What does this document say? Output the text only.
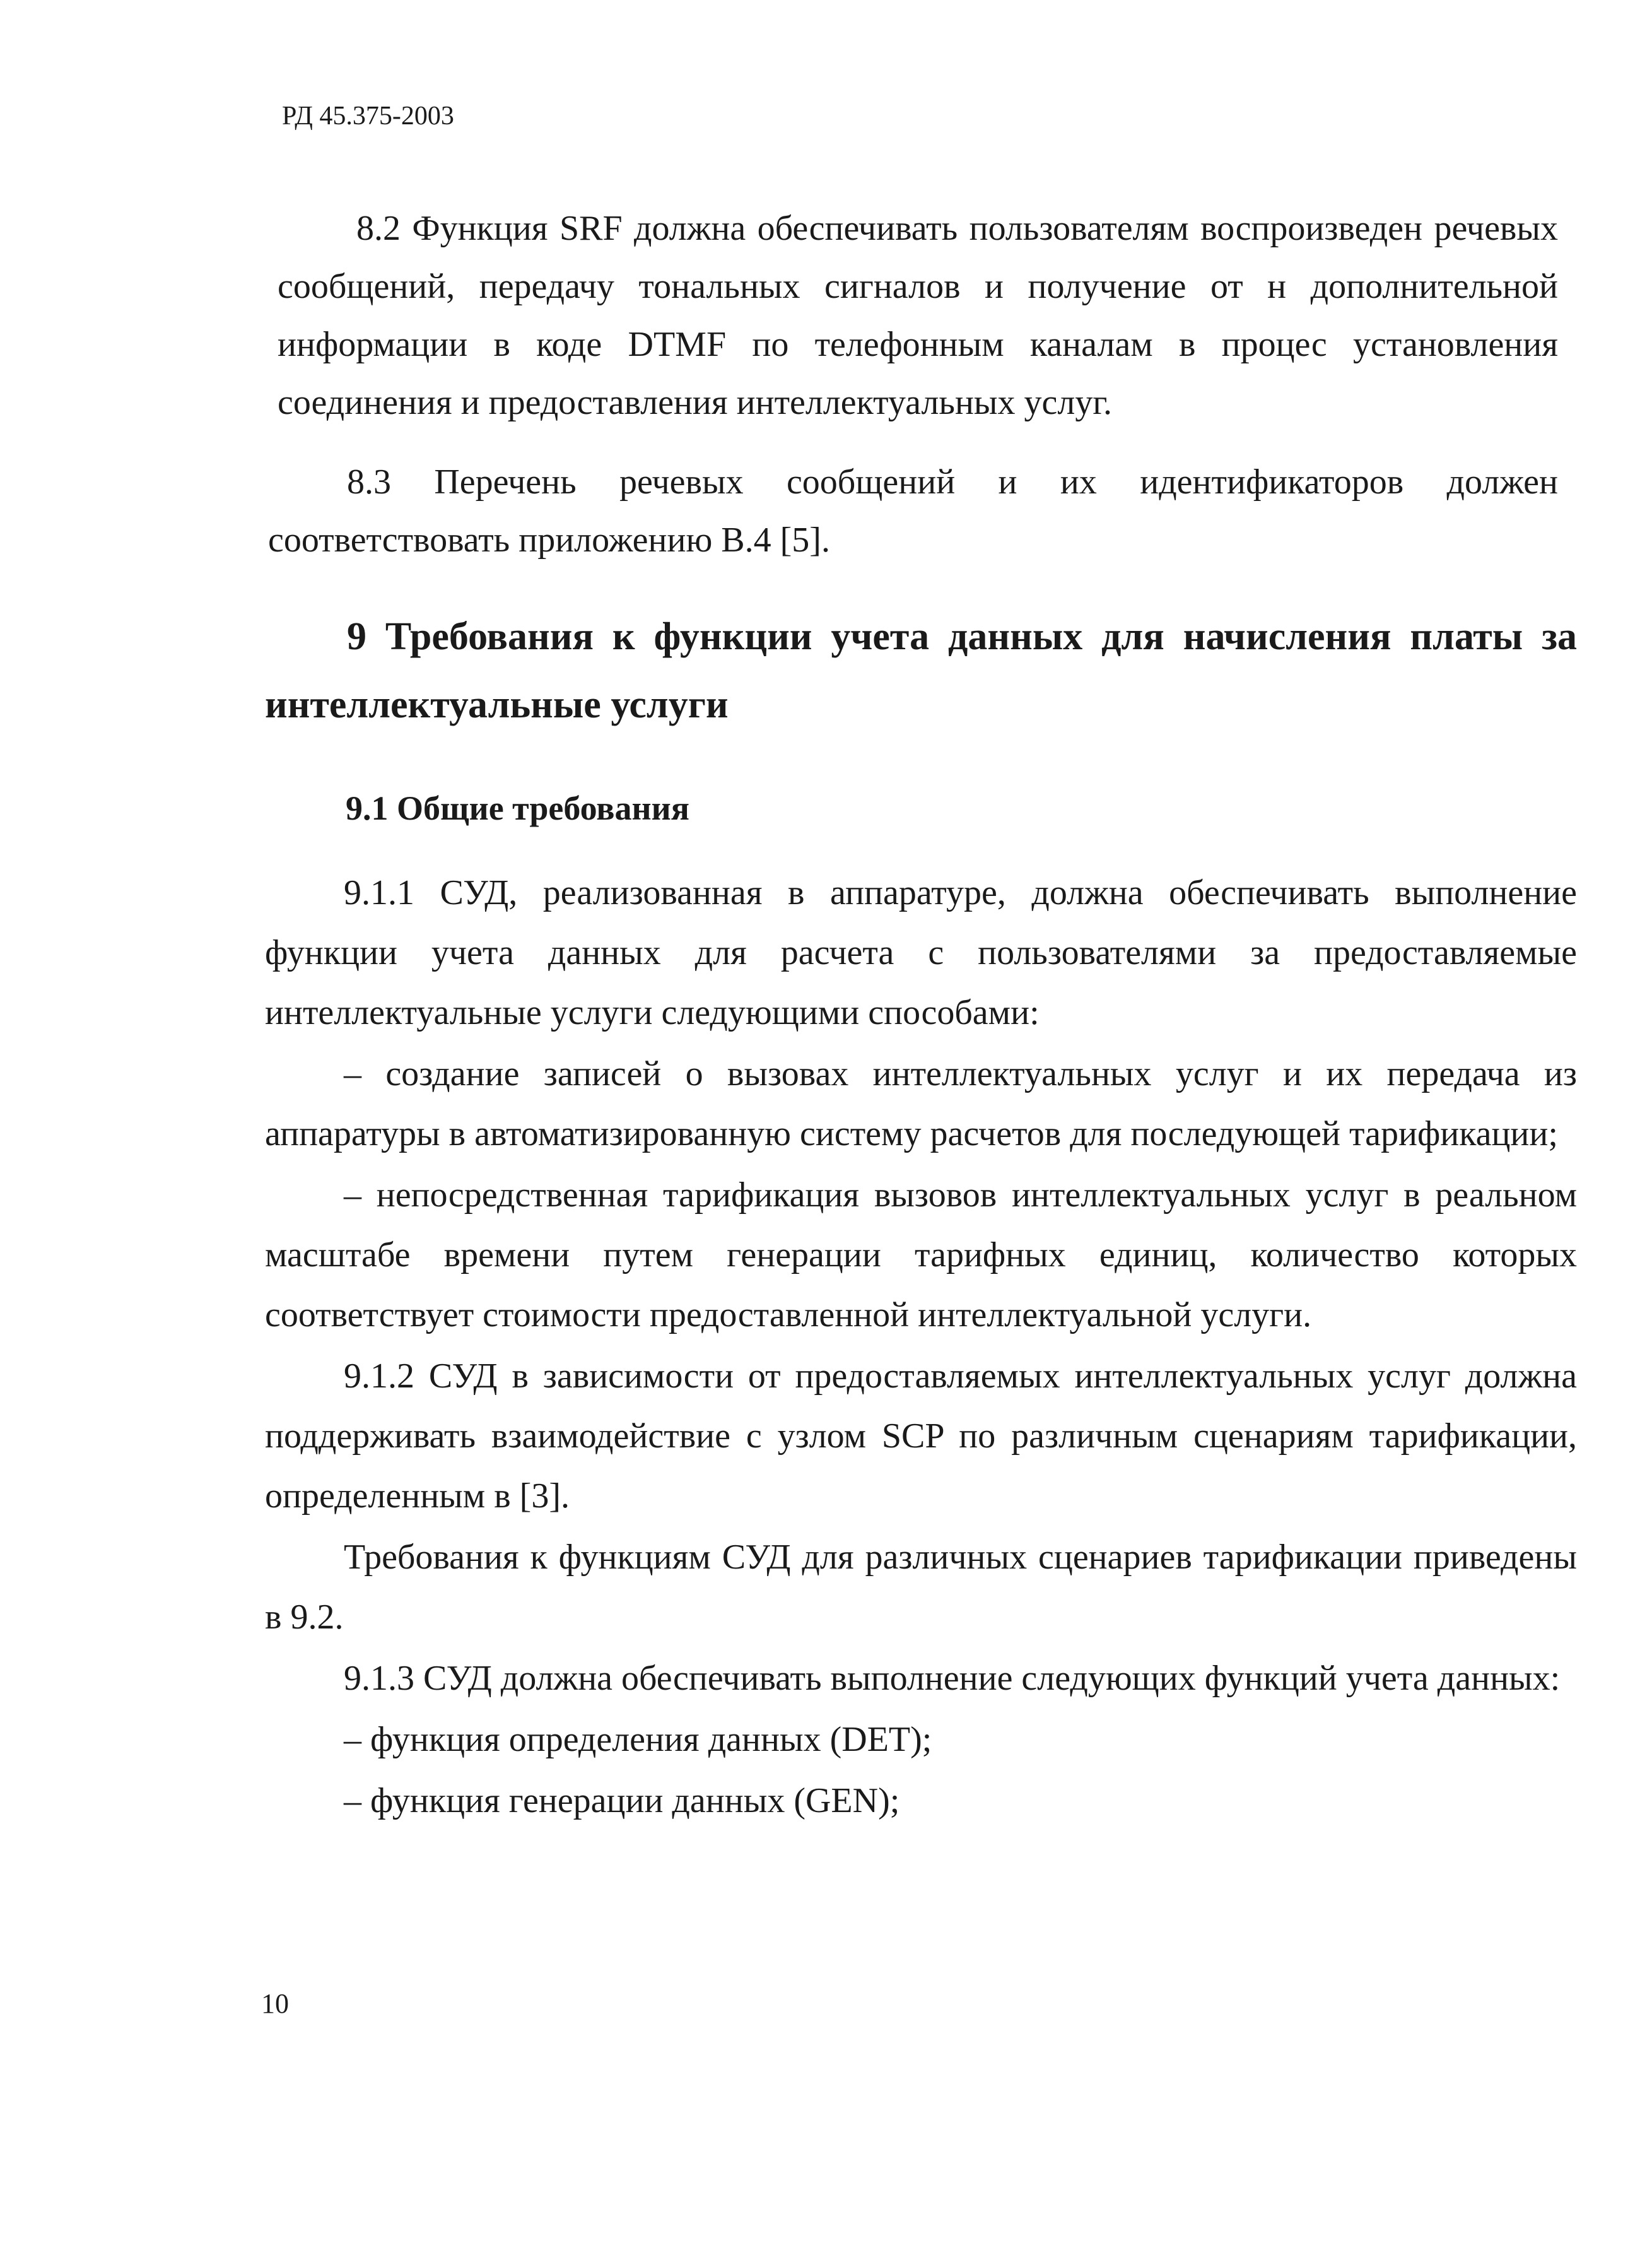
РД 45.375-2003

8.2 Функция SRF должна обеспечивать пользователям воспроизведен речевых сообщений, передачу тональных сигналов и получение от н дополнительной информации в коде DTMF по телефонным каналам в процес установления соединения и предоставления интеллектуальных услуг.

8.3 Перечень речевых сообщений и их идентификаторов должен соответствовать приложению В.4 [5].

9 Требования к функции учета данных для начисления платы за интеллектуальные услуги
9.1 Общие требования

9.1.1 СУД, реализованная в аппаратуре, должна обеспечивать выполнение функции учета данных для расчета с пользователями за предоставляемые интеллектуальные услуги следующими способами:

– создание записей о вызовах интеллектуальных услуг и их передача из аппаратуры в автоматизированную систему расчетов для последующей тарификации;

– непосредственная тарификация вызовов интеллектуальных услуг в реальном масштабе времени путем генерации тарифных единиц, количество которых соответствует стоимости предоставленной интеллектуальной услуги.

9.1.2 СУД в зависимости от предоставляемых интеллектуальных услуг должна поддерживать взаимодействие с узлом SCP по различным сценариям тарификации, определенным в [3].

Требования к функциям СУД для различных сценариев тарификации приведены в 9.2.

9.1.3 СУД должна обеспечивать выполнение следующих функций учета данных:

– функция определения данных (DET);

– функция генерации данных (GEN);

10
